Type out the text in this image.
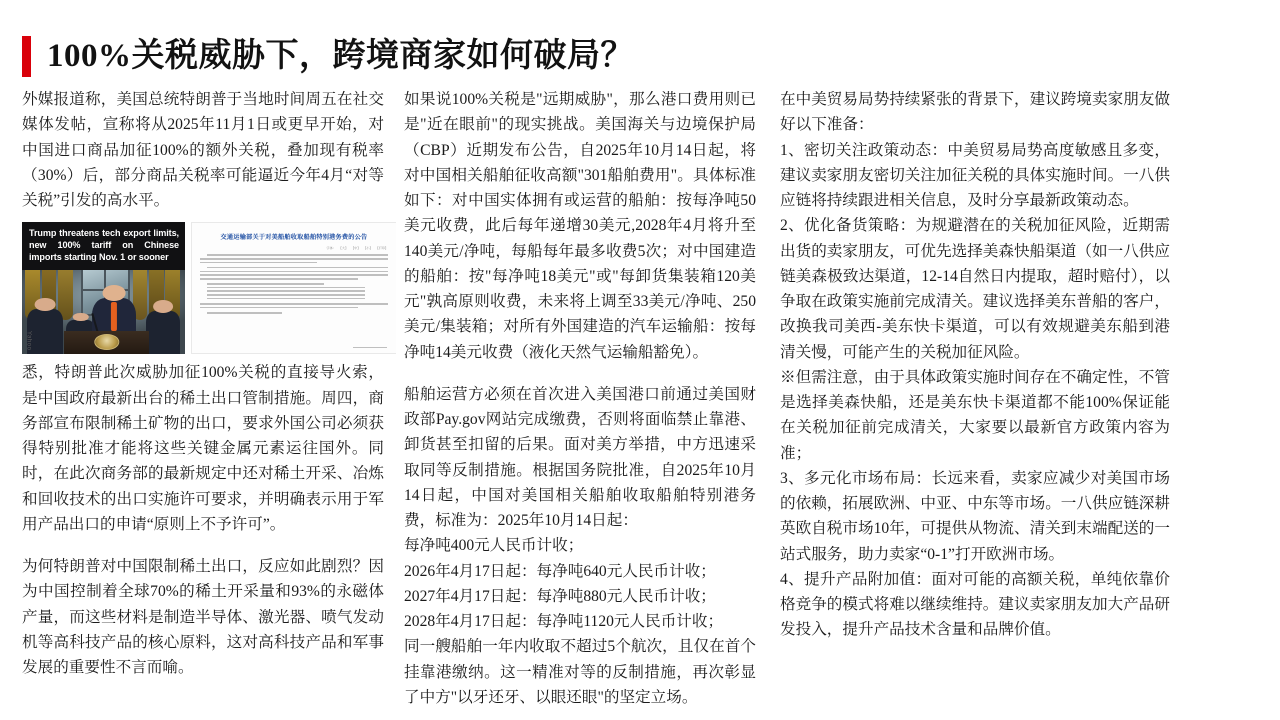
100%关税威胁下，跨境商家如何破局？

外媒报道称，美国总统特朗普于当地时间周五在社交媒体发帖，宣称将从2025年11月1日或更早开始，对中国进口商品加征100%的额外关税，叠加现有税率（30%）后，部分商品关税率可能逼近今年4月“对等关税”引发的高水平。

Trump threatens tech export limits, new 100% tariff on Chinese imports starting Nov. 1 or sooner
Yahoo
交通运输部关于对美船舶收取船舶特别港务费的公告
字体： 【大】 【中】 【小】 【打印】

悉，特朗普此次威胁加征100%关税的直接导火索，是中国政府最新出台的稀土出口管制措施。周四，商务部宣布限制稀土矿物的出口，要求外国公司必须获得特别批准才能将这些关键金属元素运往国外。同时，在此次商务部的最新规定中还对稀土开采、冶炼和回收技术的出口实施许可要求，并明确表示用于军用产品出口的申请“原则上不予许可”。

为何特朗普对中国限制稀土出口，反应如此剧烈？因为中国控制着全球70%的稀土开采量和93%的永磁体产量，而这些材料是制造半导体、激光器、喷气发动机等高科技产品的核心原料，这对高科技产品和军事发展的重要性不言而喻。

如果说100%关税是"远期威胁"，那么港口费用则已是"近在眼前"的现实挑战。美国海关与边境保护局（CBP）近期发布公告，自2025年10月14日起，将对中国相关船舶征收高额"301船舶费用"。具体标准如下：对中国实体拥有或运营的船舶：按每净吨50美元收费，此后每年递增30美元,2028年4月将升至140美元/净吨，每船每年最多收费5次；对中国建造的船舶：按"每净吨18美元"或"每卸货集装箱120美元"孰高原则收费，未来将上调至33美元/净吨、250美元/集装箱；对所有外国建造的汽车运输船：按每净吨14美元收费（液化天然气运输船豁免）。

船舶运营方必须在首次进入美国港口前通过美国财政部Pay.gov网站完成缴费，否则将面临禁止靠港、卸货甚至扣留的后果。面对美方举措，中方迅速采取同等反制措施。根据国务院批准，自2025年10月14日起，中国对美国相关船舶收取船舶特别港务费，标准为：2025年10月14日起：

每净吨400元人民币计收；

2026年4月17日起：每净吨640元人民币计收；

2027年4月17日起：每净吨880元人民币计收；

2028年4月17日起：每净吨1120元人民币计收；

同一艘船舶一年内收取不超过5个航次，且仅在首个挂靠港缴纳。这一精准对等的反制措施，再次彰显了中方"以牙还牙、以眼还眼"的坚定立场。

在中美贸易局势持续紧张的背景下，建议跨境卖家朋友做好以下准备：

1、密切关注政策动态：中美贸易局势高度敏感且多变，建议卖家朋友密切关注加征关税的具体实施时间。一八供应链将持续跟进相关信息，及时分享最新政策动态。

2、优化备货策略：为规避潜在的关税加征风险，近期需出货的卖家朋友，可优先选择美森快船渠道（如一八供应链美森极致达渠道，12-14自然日内提取，超时赔付），以争取在政策实施前完成清关。建议选择美东普船的客户，改换我司美西-美东快卡渠道，可以有效规避美东船到港清关慢，可能产生的关税加征风险。

※但需注意，由于具体政策实施时间存在不确定性，不管是选择美森快船，还是美东快卡渠道都不能100%保证能在关税加征前完成清关，大家要以最新官方政策内容为准；

3、多元化市场布局：长远来看，卖家应减少对美国市场的依赖，拓展欧洲、中亚、中东等市场。一八供应链深耕英欧自税市场10年，可提供从物流、清关到末端配送的一站式服务，助力卖家“0-1”打开欧洲市场。

4、提升产品附加值：面对可能的高额关税，单纯依靠价格竞争的模式将难以继续维持。建议卖家朋友加大产品研发投入，提升产品技术含量和品牌价值。
